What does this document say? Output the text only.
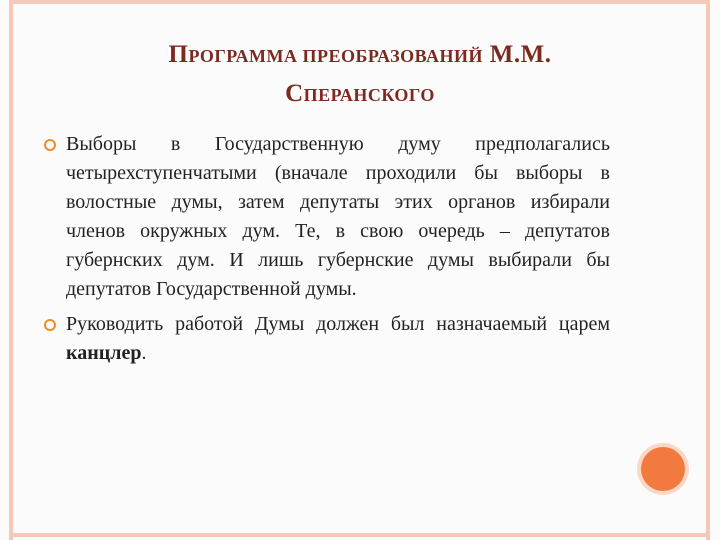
ПРОГРАММА ПРЕОБРАЗОВАНИЙ М.М.
СПЕРАНСКОГО
Выборы в Государственную думу предполагались четырехступенчатыми (вначале проходили бы выборы в волостные думы, затем депутаты этих органов избирали членов окружных дум. Те, в свою очередь – депутатов губернских дум. И лишь губернские думы выбирали бы депутатов Государственной думы.
Руководить работой Думы должен был назначаемый царем канцлер.
